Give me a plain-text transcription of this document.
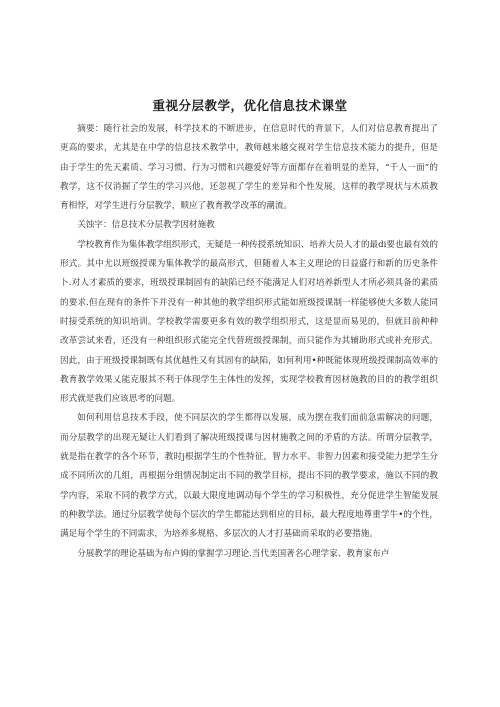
重视分层教学，优化信息技术课堂

摘要：随行社会的发展，科学技术的不断进步，在信息时代的背景下，人们对信息教育提出了更高的要求，尤其是在中学的信息技术教学中，教师越来越交视对学生信息技术能力的提升，但是由于学生的先天素质、学习习惯、行为习惯和兴趣爱好等方面都存在着明显的差异，“千人一面”的教学，这不仅消掘了学生的学习兴他，还忽视了学生的差异和个性发展，这样的教学现状与木质教育相悖，对学生进行分层教学，顺应了教育教学改革的潮流。

关蚀字：信息技术分层教学因材施教

学校教育作为集体教学组织形式，无疑是一种传授系统知识、培养大员人才的最di要也最有效的形式。其中尤以班级授课为集体教学的最高形式，但随着人本主义理论的日益盛行和新的历史条件卜.对人才素质的要求，班级授课制固有的缺陷已经不能满足人们对培养新型人才所必须具备的素质的要求.但在现有的条件下并没有一种其他的教学组织形式能如班级授课制一样能够使大多数人能同时接受系统的知识培训。学校教学需要更多有效的教学组织形式，这是显而易见的，但就目前种种改革尝试来看，还没有一种组织形式能完全代替班级授课制，而只能作为其辅助形式或补充形式。因此，由于班级授课制既有其优越性又有其固有的缺陷，如何利用•种既能体现班级授课制高效率的教育教学效果乂能克服其不利于体现学生主体性的发挥，实现学校教育因材施教的目的的教学组织形式就是我们应该思考的问题。

如何利用信息技术手段，使不同层次的学生都得以发展，成为摆在我们面前急需解决的问题，而分层教学的出现无疑让人们看到了解决班级授课与因材施教之间的矛盾的方法。所谓分层教学，就是指在教学的各个环节，教时j根据学生的个性特征，智力水平、非智力因素和接受能力把学生分成不同所次的几组，再根据分组情况制定出不同的教学目标，提出不同的教学要求，施以不同的教学内容，采取不同的教学方式，以最大限度地调动每个学生的学习积极性，充分促进学生智能发展的种教学法。通过分层教学使每个层次的学生都能达到相应的目标，最大程度地尊重学牛•的个性，满足每个学生的不同需求，为培养多规格、多层次的人才打基础而采取的必要措施。

分展教学的理论基础为布卢姆的掌握学习理论.当代美国著名心理学家、教育家布卢
